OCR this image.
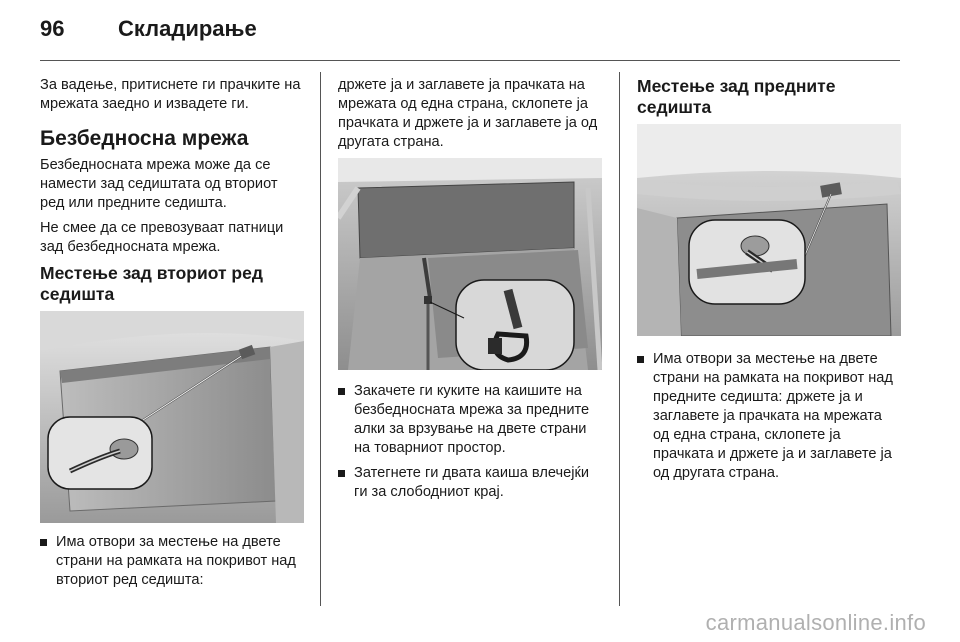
96	Складирање

За вадење, притиснете ги прачките на мрежата заедно и извадете ги.

Безбедносна мрежа

Безбедносната мрежа може да се намести зад седиштата од вториот ред или предните седишта.

Не смее да се превозуваат патници зад безбедносната мрежа.

Местење зад вториот ред седишта
Има отвори за местење на двете страни на рамката на покривот над вториот ред седишта:

држете ја и заглавете ја прачката на мрежата од една страна, склопете ја прачката и држете ја и заглавете ја од другата страна.

Закачете ги куките на каишите на безбедносната мрежа за предните алки за врзување на двете страни на товарниот простор.
Затегнете ги двата каиша влечејќи ги за слободниот крај.
Местење зад предните седишта
Има отвори за местење на двете страни на рамката на покривот над предните седишта: држете ја и заглавете ја прачката на мрежата од една страна, склопете ја прачката и држете ја и заглавете ја од другата страна.
carmanualsonline.info
